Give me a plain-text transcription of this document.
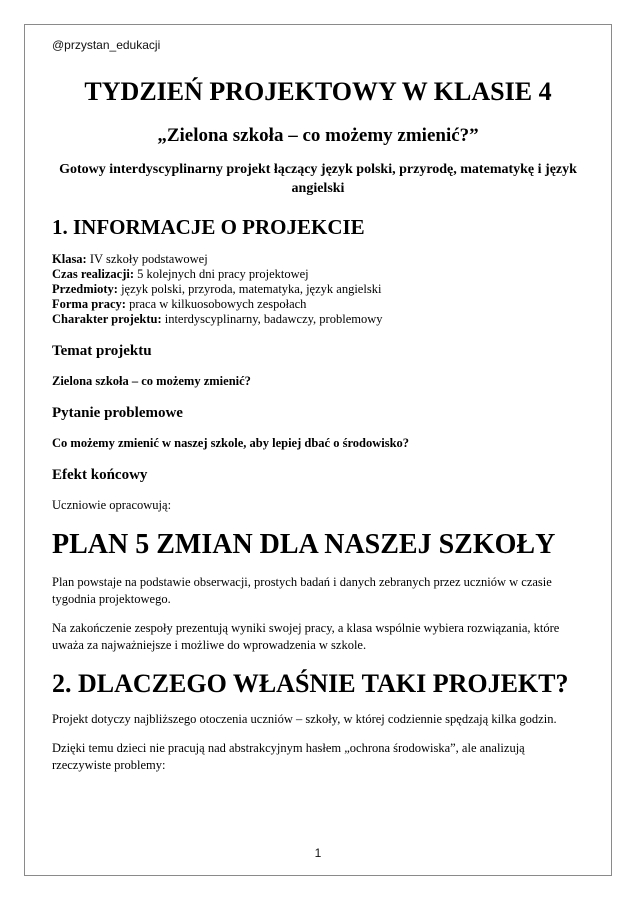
@przystan_edukacji
TYDZIEŃ PROJEKTOWY W KLASIE 4
„Zielona szkoła – co możemy zmienić?”

Gotowy interdyscyplinarny projekt łączący język polski, przyrodę, matematykę i język angielski

1. INFORMACJE O PROJEKCIE
Klasa: IV szkoły podstawowej
Czas realizacji: 5 kolejnych dni pracy projektowej
Przedmioty: język polski, przyroda, matematyka, język angielski
Forma pracy: praca w kilkuosobowych zespołach
Charakter projektu: interdyscyplinarny, badawczy, problemowy
Temat projektu

Zielona szkoła – co możemy zmienić?

Pytanie problemowe

Co możemy zmienić w naszej szkole, aby lepiej dbać o środowisko?

Efekt końcowy

Uczniowie opracowują:

PLAN 5 ZMIAN DLA NASZEJ SZKOŁY

Plan powstaje na podstawie obserwacji, prostych badań i danych zebranych przez uczniów w czasie tygodnia projektowego.

Na zakończenie zespoły prezentują wyniki swojej pracy, a klasa wspólnie wybiera rozwiązania, które uważa za najważniejsze i możliwe do wprowadzenia w szkole.

2. DLACZEGO WŁAŚNIE TAKI PROJEKT?

Projekt dotyczy najbliższego otoczenia uczniów – szkoły, w której codziennie spędzają kilka godzin.

Dzięki temu dzieci nie pracują nad abstrakcyjnym hasłem „ochrona środowiska”, ale analizują rzeczywiste problemy:

1
